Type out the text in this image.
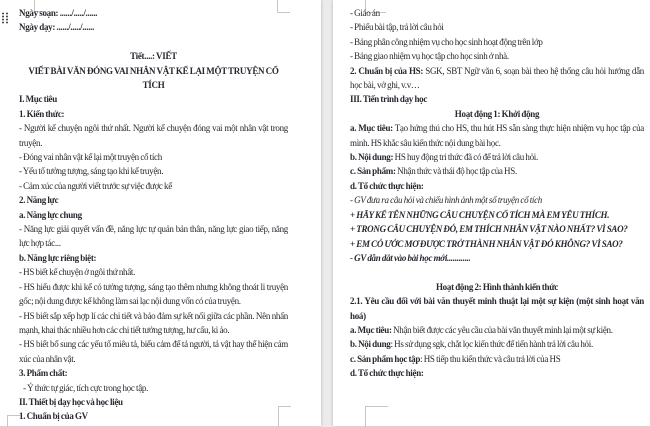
Ngày soạn: ....../...../......

Ngày dạy: ....../...../......

Tiết....: VIẾT

VIẾT BÀI VĂN ĐÓNG VAI NHÂN VẬT KỂ LẠI MỘT TRUYỆN CỔ TÍCH

I. Mục tiêu

1. Kiến thức:

- Người kể chuyện ngôi thứ nhất. Người kể chuyện đóng vai một nhân vật trong truyện.

- Đóng vai nhân vật kể lại một truyện cổ tích

- Yếu tố tưởng tượng, sáng tạo khi kể truyện.

- Cảm xúc của người viết trước sự việc được kể

2. Năng lực

a. Năng lực chung

- Năng lực giải quyết vấn đề, năng lực tự quản bản thân, năng lực giao tiếp, năng lực hợp tác...

b. Năng lực riêng biệt:

- HS biết kể chuyện ở ngôi thứ nhất.

- HS hiểu được khi kể có tưởng tượng, sáng tạo thêm nhưng không thoát li truyện gốc; nội dung được kể không làm sai lạc nội dung vốn có của truyện.

- HS biết sắp xếp hợp lí các chi tiết và bảo đảm sự kết nối giữa các phần. Nên nhấn mạnh, khai thác nhiều hơn các chi tiết tưởng tượng, hư cấu, kì ảo.

- HS biết bổ sung các yếu tố miêu tả, biểu cảm để tả người, tả vật hay thể hiện cảm xúc của nhân vật.

3. Phẩm chất:

- Ý thức tự giác, tích cực trong học tập.

II. Thiết bị dạy học và học liệu

1. Chuẩn bị của GV

- Giáo án

- Phiếu bài tập, trả lời câu hỏi

- Bảng phân công nhiệm vụ cho học sinh hoạt động trên lớp

- Bảng giao nhiệm vụ học tập cho học sinh ở nhà.

2. Chuẩn bị của HS: SGK, SBT Ngữ văn 6, soạn bài theo hệ thống câu hỏi hướng dẫn học bài, vở ghi, v.v…

III. Tiến trình dạy học

Hoạt động 1: Khởi động

a. Mục tiêu: Tạo hứng thú cho HS, thu hút HS sẵn sàng thực hiện nhiệm vụ học tập của mình. HS khắc sâu kiến thức nội dung bài học.

b. Nội dung: HS huy động tri thức đã có để trả lời câu hỏi.

c. Sản phẩm: Nhận thức và thái độ học tập của HS.

d. Tổ chức thực hiện:

- GV đưa ra câu hỏi và chiếu hình ảnh một số truyện cổ tích

+ HÃY KỂ TÊN NHỮNG CÂU CHUYỆN CỔ TÍCH MÀ EM YÊU THÍCH.

+ TRONG CÂU CHUYỆN ĐÓ, EM THÍCH NHÂN VẬT NÀO NHẤT? VÌ SAO?

+ EM CÓ ƯỚC MƠ ĐƯỢC TRỞ THÀNH NHÂN VẬT ĐÓ KHÔNG? VÌ SAO?

- GV dẫn dắt vào bài học mới............

Hoạt động 2: Hình thành kiến thức

2.1. Yêu cầu đối với bài văn thuyết minh thuật lại một sự kiện (một sinh hoạt văn hoá)

a. Mục tiêu: Nhận biết được các yêu cầu của bài văn thuyết minh lại một sự kiện.

b. Nội dung: Hs sử dụng sgk, chắt lọc kiến thức để tiến hành trả lời câu hỏi.

c. Sản phẩm học tập: HS tiếp thu kiến thức và câu trả lời của HS

d. Tổ chức thực hiện:
